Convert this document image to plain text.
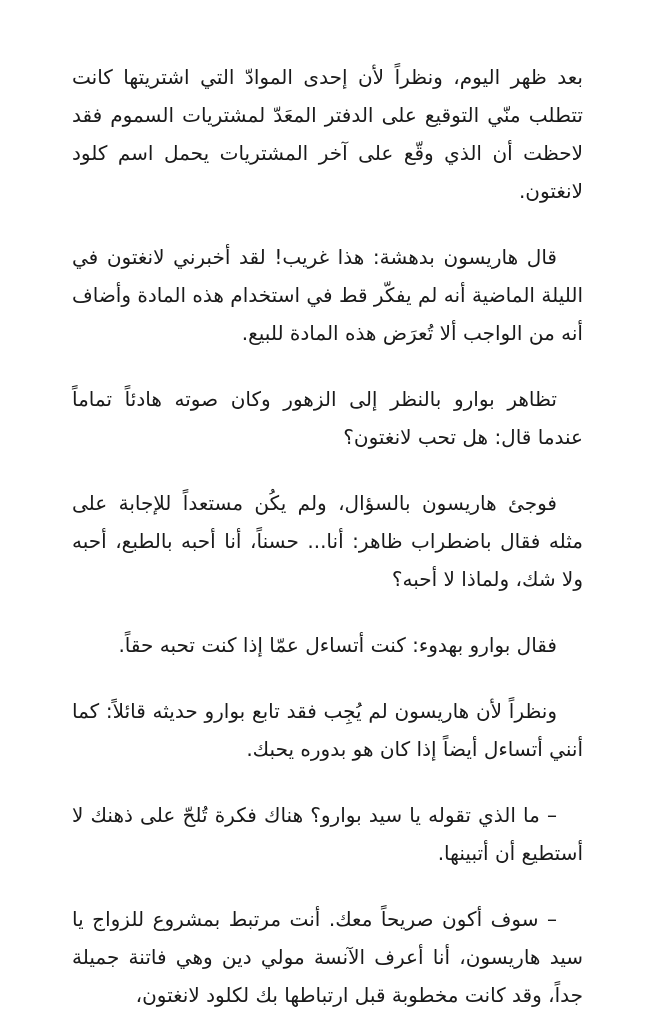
بعد ظهر اليوم، ونظراً لأن إحدى الموادّ التي اشتريتها كانت تتطلب منّي التوقيع على الدفتر المعَدّ لمشتريات السموم فقد لاحظت أن الذي وقّع على آخر المشتريات يحمل اسم كلود لانغتون.

قال هاريسون بدهشة: هذا غريب! لقد أخبرني لانغتون في الليلة الماضية أنه لم يفكّر قط في استخدام هذه المادة وأضاف أنه من الواجب ألا تُعرَض هذه المادة للبيع.

تظاهر بوارو بالنظر إلى الزهور وكان صوته هادئاً تماماً عندما قال: هل تحب لانغتون؟

فوجئ هاريسون بالسؤال، ولم يكُن مستعداً للإجابة على مثله فقال باضطراب ظاهر: أنا... حسناً، أنا أحبه بالطبع، أحبه ولا شك، ولماذا لا أحبه؟

فقال بوارو بهدوء: كنت أتساءل عمّا إذا كنت تحبه حقاً.

ونظراً لأن هاريسون لم يُجِب فقد تابع بوارو حديثه قائلاً: كما أنني أتساءل أيضاً إذا كان هو بدوره يحبك.

– ما الذي تقوله يا سيد بوارو؟ هناك فكرة تُلحّ على ذهنك لا أستطيع أن أتبينها.

– سوف أكون صريحاً معك. أنت مرتبط بمشروع للزواج يا سيد هاريسون، أنا أعرف الآنسة مولي دين وهي فاتنة جميلة جداً، وقد كانت مخطوبة قبل ارتباطها بك لكلود لانغتون،
